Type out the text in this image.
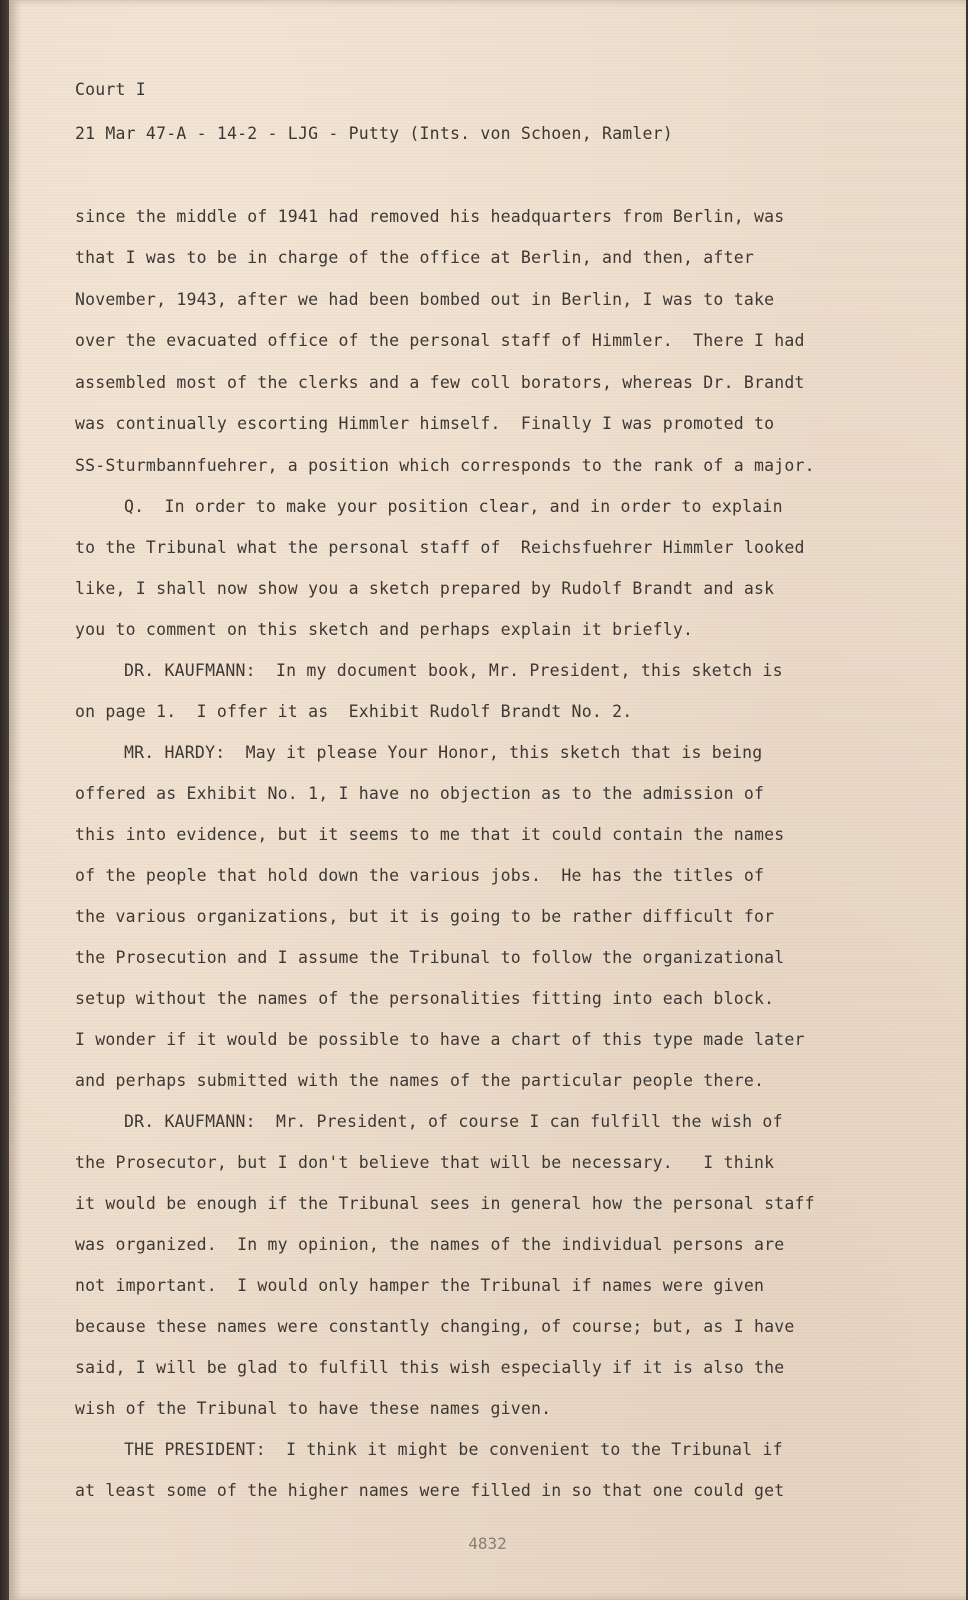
Court I
21 Mar 47-A - 14-2 - LJG - Putty (Ints. von Schoen, Ramler)
since the middle of 1941 had removed his headquarters from Berlin, was
that I was to be in charge of the office at Berlin, and then, after
November, 1943, after we had been bombed out in Berlin, I was to take
over the evacuated office of the personal staff of Himmler.  There I had
assembled most of the clerks and a few coll borators, whereas Dr. Brandt
was continually escorting Himmler himself.  Finally I was promoted to
SS-Sturmbannfuehrer, a position which corresponds to the rank of a major.
Q.  In order to make your position clear, and in order to explain
to the Tribunal what the personal staff of  Reichsfuehrer Himmler looked
like, I shall now show you a sketch prepared by Rudolf Brandt and ask
you to comment on this sketch and perhaps explain it briefly.
DR. KAUFMANN:  In my document book, Mr. President, this sketch is
on page 1.  I offer it as  Exhibit Rudolf Brandt No. 2.
MR. HARDY:  May it please Your Honor, this sketch that is being
offered as Exhibit No. 1, I have no objection as to the admission of
this into evidence, but it seems to me that it could contain the names
of the people that hold down the various jobs.  He has the titles of
the various organizations, but it is going to be rather difficult for
the Prosecution and I assume the Tribunal to follow the organizational
setup without the names of the personalities fitting into each block.
I wonder if it would be possible to have a chart of this type made later
and perhaps submitted with the names of the particular people there.
DR. KAUFMANN:  Mr. President, of course I can fulfill the wish of
the Prosecutor, but I don't believe that will be necessary.   I think
it would be enough if the Tribunal sees in general how the personal staff
was organized.  In my opinion, the names of the individual persons are
not important.  I would only hamper the Tribunal if names were given
because these names were constantly changing, of course; but, as I have
said, I will be glad to fulfill this wish especially if it is also the
wish of the Tribunal to have these names given.
THE PRESIDENT:  I think it might be convenient to the Tribunal if
at least some of the higher names were filled in so that one could get
4832
